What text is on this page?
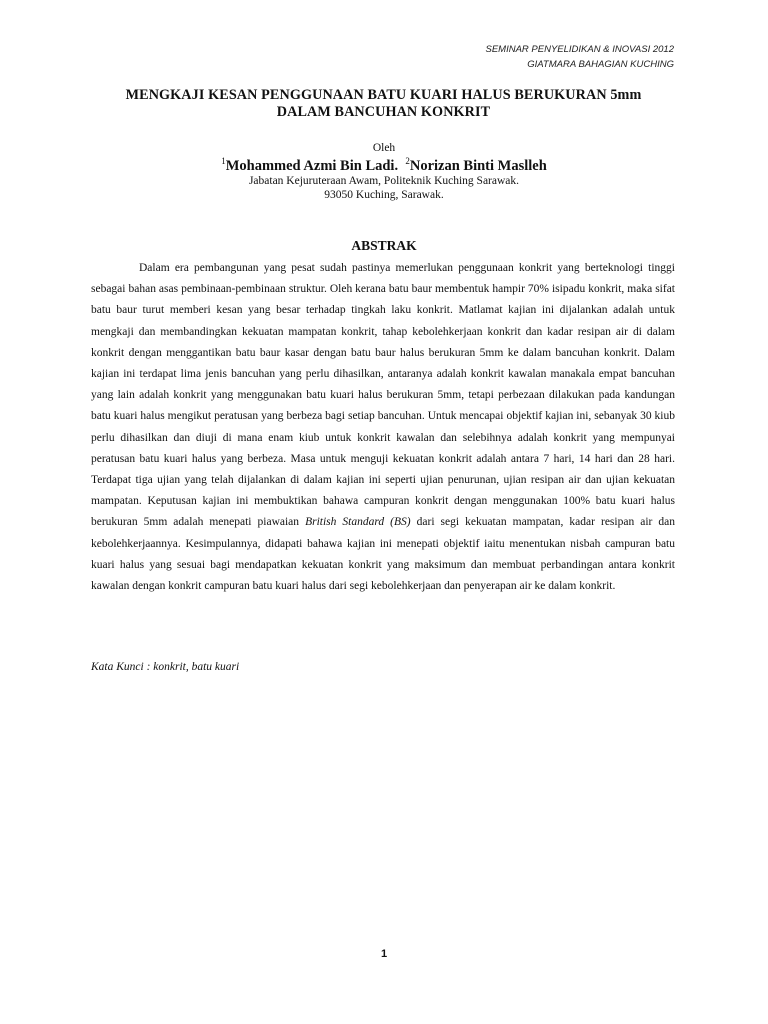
SEMINAR PENYELIDIKAN & INOVASI 2012
GIATMARA BAHAGIAN KUCHING
MENGKAJI KESAN PENGGUNAAN BATU KUARI HALUS BERUKURAN 5mm
DALAM BANCUHAN KONKRIT
Oleh
$^1$Mohammed Azmi Bin Ladi. $^2$Norizan Binti Maslleh
Jabatan Kejuruteraan Awam, Politeknik Kuching Sarawak.
93050 Kuching, Sarawak.
ABSTRAK

Dalam era pembangunan yang pesat sudah pastinya memerlukan penggunaan konkrit yang berteknologi tinggi sebagai bahan asas pembinaan-pembinaan struktur. Oleh kerana batu baur membentuk hampir 70% isipadu konkrit, maka sifat batu baur turut memberi kesan yang besar terhadap tingkah laku konkrit. Matlamat kajian ini dijalankan adalah untuk mengkaji dan membandingkan kekuatan mampatan konkrit, tahap kebolehkerjaan konkrit dan kadar resipan air di dalam konkrit dengan menggantikan batu baur kasar dengan batu baur halus berukuran 5mm ke dalam bancuhan konkrit. Dalam kajian ini terdapat lima jenis bancuhan yang perlu dihasilkan, antaranya adalah konkrit kawalan manakala empat bancuhan yang lain adalah konkrit yang menggunakan batu kuari halus berukuran 5mm, tetapi perbezaan dilakukan pada kandungan batu kuari halus mengikut peratusan yang berbeza bagi setiap bancuhan. Untuk mencapai objektif kajian ini, sebanyak 30 kiub perlu dihasilkan dan diuji di mana enam kiub untuk konkrit kawalan dan selebihnya adalah konkrit yang mempunyai peratusan batu kuari halus yang berbeza. Masa untuk menguji kekuatan konkrit adalah antara 7 hari, 14 hari dan 28 hari. Terdapat tiga ujian yang telah dijalankan di dalam kajian ini seperti ujian penurunan, ujian resipan air dan ujian kekuatan mampatan. Keputusan kajian ini membuktikan bahawa campuran konkrit dengan menggunakan 100% batu kuari halus berukuran 5mm adalah menepati piawaian British Standard (BS) dari segi kekuatan mampatan, kadar resipan air dan kebolehkerjaannya. Kesimpulannya, didapati bahawa kajian ini menepati objektif iaitu menentukan nisbah campuran batu kuari halus yang sesuai bagi mendapatkan kekuatan konkrit yang maksimum dan membuat perbandingan antara konkrit kawalan dengan konkrit campuran batu kuari halus dari segi kebolehkerjaan dan penyerapan air ke dalam konkrit.

Kata Kunci : konkrit, batu kuari
1
